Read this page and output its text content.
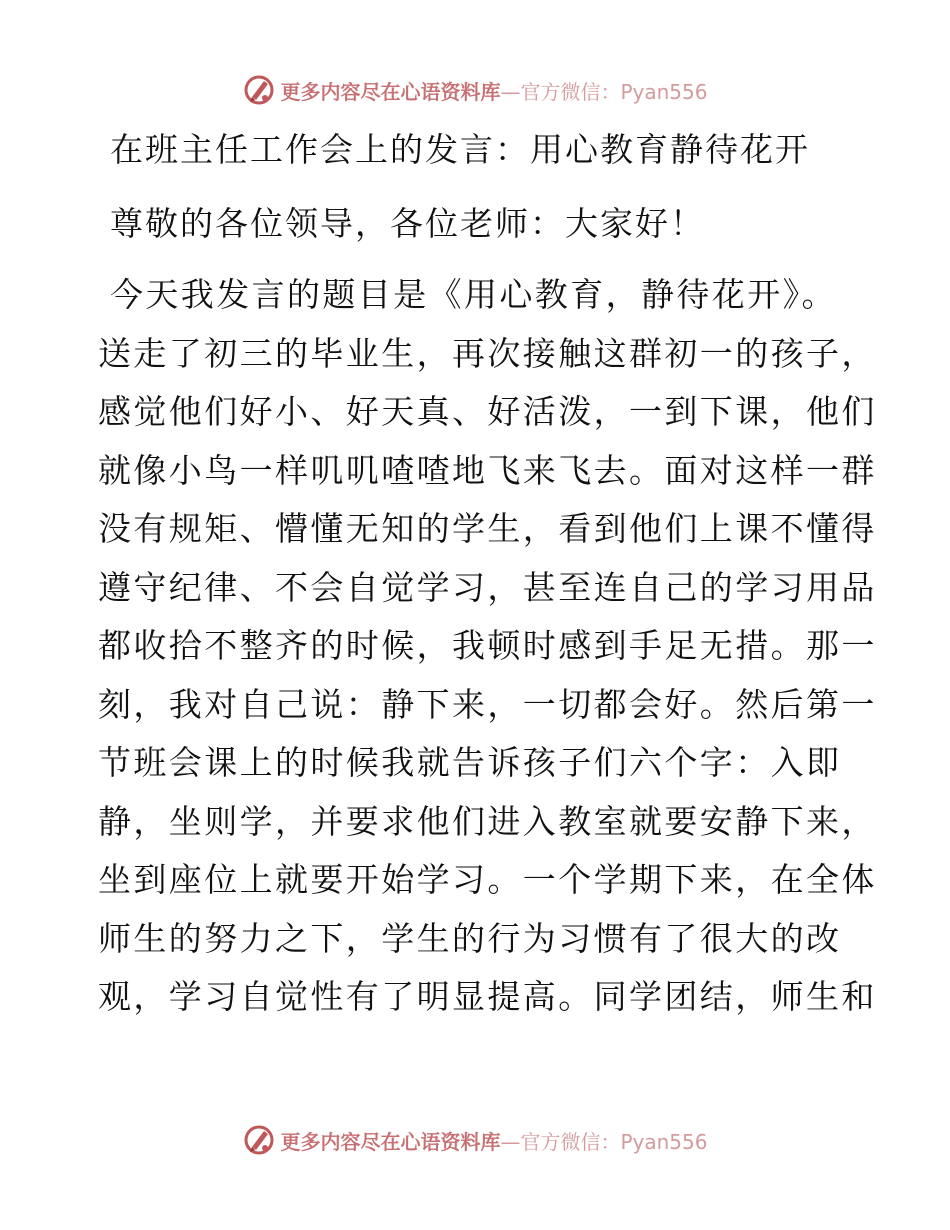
更多内容尽在心语资料库—官方微信：Pyan556
在班主任工作会上的发言：用心教育静待花开
尊敬的各位领导，各位老师：大家好！
今天我发言的题目是《用心教育，静待花开》。
送走了初三的毕业生，再次接触这群初一的孩子，
感觉他们好小、好天真、好活泼，一到下课，他们
就像小鸟一样叽叽喳喳地飞来飞去。面对这样一群
没有规矩、懵懂无知的学生，看到他们上课不懂得
遵守纪律、不会自觉学习，甚至连自己的学习用品
都收拾不整齐的时候，我顿时感到手足无措。那一
刻，我对自己说：静下来，一切都会好。然后第一
节班会课上的时候我就告诉孩子们六个字：入即
静，坐则学，并要求他们进入教室就要安静下来，
坐到座位上就要开始学习。一个学期下来，在全体
师生的努力之下，学生的行为习惯有了很大的改
观，学习自觉性有了明显提高。同学团结，师生和
更多内容尽在心语资料库—官方微信：Pyan556
